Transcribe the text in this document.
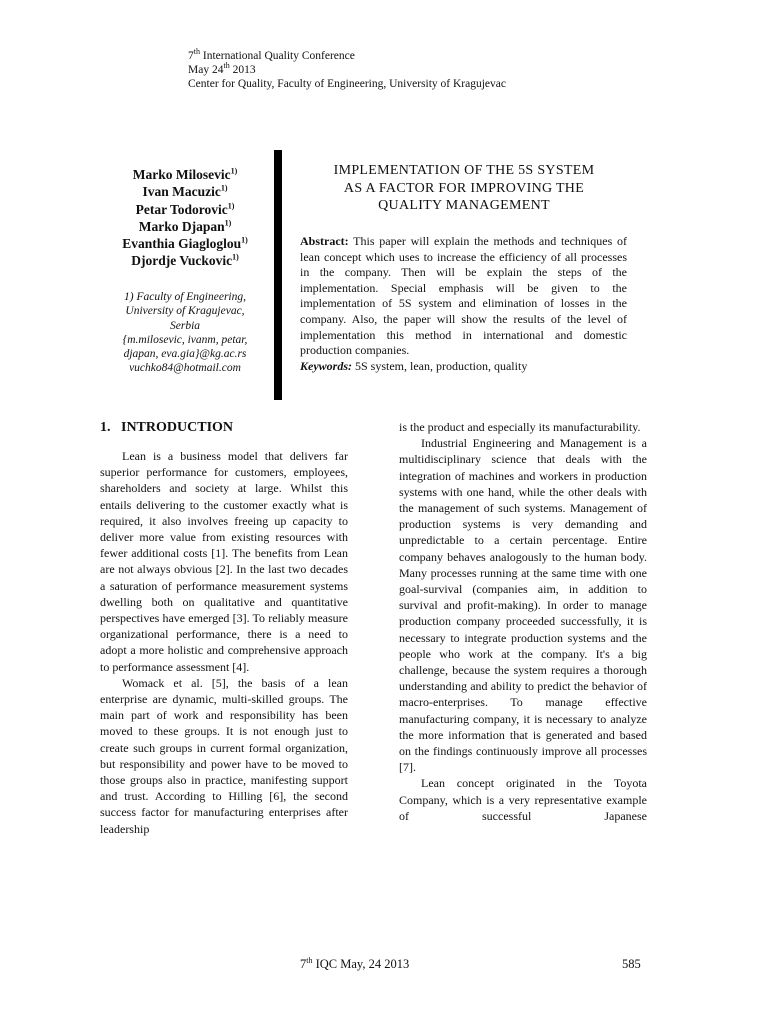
7th International Quality Conference
May 24th 2013
Center for Quality, Faculty of Engineering, University of Kragujevac
Marko Milosevic$^{1)}$
Ivan Macuzic$^{1)}$
Petar Todorovic$^{1)}$
Marko Djapan$^{1)}$
Evanthia Giagloglou$^{1)}$
Djordje Vuckovic$^{1)}$
1) Faculty of Engineering,
University of Kragujevac,
Serbia
{m.milosevic, ivanm, petar,
djapan, eva.gia}@kg.ac.rs
vuchko84@hotmail.com
IMPLEMENTATION OF THE 5S SYSTEM
AS A FACTOR FOR IMPROVING THE
QUALITY MANAGEMENT
Abstract: This paper will explain the methods and techniques of lean concept which uses to increase the efficiency of all processes in the company. Then will be explain the steps of the implementation. Special emphasis will be given to the implementation of 5S system and elimination of losses in the company. Also, the paper will show the results of the level of implementation this method in international and domestic production companies.
Keywords: 5S system, lean, production, quality
1.   INTRODUCTION

Lean is a business model that delivers far superior performance for customers, employees, shareholders and society at large. Whilst this entails delivering to the customer exactly what is required, it also involves freeing up capacity to deliver more value from existing resources with fewer additional costs [1]. The benefits from Lean are not always obvious [2]. In the last two decades a saturation of performance measurement systems dwelling both on qualitative and quantitative perspectives have emerged [3]. To reliably measure organizational performance, there is a need to adopt a more holistic and comprehensive approach to performance assessment [4].

Womack et al. [5], the basis of a lean enterprise are dynamic, multi-skilled groups. The main part of work and responsibility has been moved to these groups. It is not enough just to create such groups in current formal organization, but responsibility and power have to be moved to those groups also in practice, manifesting support and trust. According to Hilling [6], the second success factor for manufacturing enterprises after leadership

is the product and especially its manufacturability.

Industrial Engineering and Management is a multidisciplinary science that deals with the integration of machines and workers in production systems with one hand, while the other deals with the management of such systems. Management of production systems is very demanding and unpredictable to a certain percentage. Entire company behaves analogously to the human body. Many processes running at the same time with one goal-survival (companies aim, in addition to survival and profit-making). In order to manage production company proceeded successfully, it is necessary to integrate production systems and the people who work at the company. It's a big challenge, because the system requires a thorough understanding and ability to predict the behavior of macro-enterprises. To manage effective manufacturing company, it is necessary to analyze the more information that is generated and based on the findings continuously improve all processes [7].

Lean concept originated in the Toyota Company, which is a very representative example of successful Japanese

7th IQC May, 24 2013	585
